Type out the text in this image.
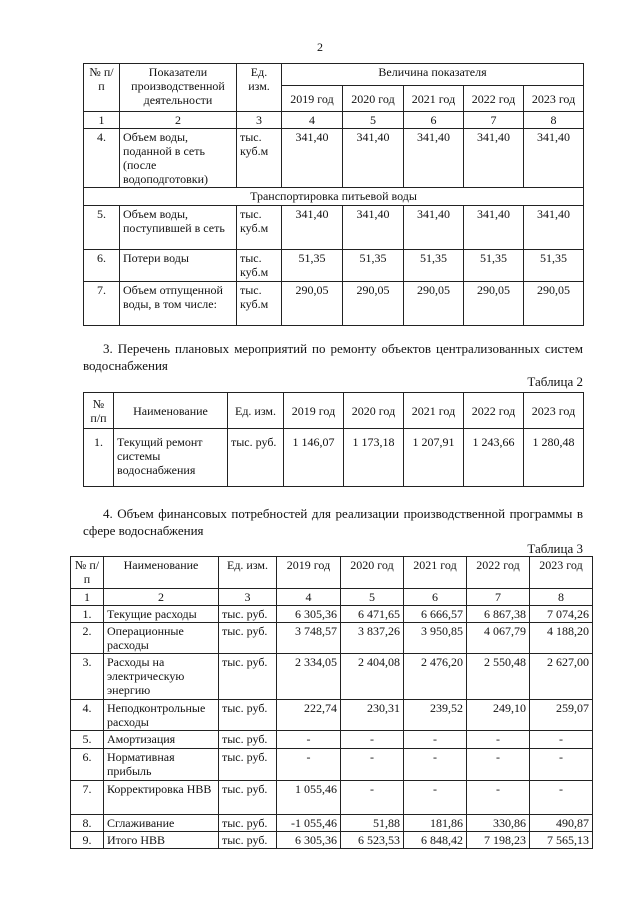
2
№ п/п	Показатели производственной деятельности	Ед. изм.	Величина показателя				
			2019 год	2020 год	2021 год	2022 год	2023 год
1	2	3	4	5	6	7	8
4.	Объем воды, поданной в сеть (после водоподготовки)	тыс. куб.м	341,40	341,40	341,40	341,40	341,40
Транспортировка питьевой воды							
5.	Объем воды, поступившей в сеть	тыс. куб.м	341,40	341,40	341,40	341,40	341,40
6.	Потери воды	тыс. куб.м	51,35	51,35	51,35	51,35	51,35
7.	Объем отпущенной воды, в том числе:	тыс. куб.м	290,05	290,05	290,05	290,05	290,05
3. Перечень плановых мероприятий по ремонту объектов централизованных систем водоснабжения
Таблица 2
№ п/п	Наименование	Ед. изм.	2019 год	2020 год	2021 год	2022 год	2023 год
1.	Текущий ремонт системы водоснабжения	тыс. руб.	1 146,07	1 173,18	1 207,91	1 243,66	1 280,48
4. Объем финансовых потребностей для реализации производственной программы в сфере водоснабжения
Таблица 3
№ п/п	Наименование	Ед. изм.	2019 год	2020 год	2021 год	2022 год	2023 год
1	2	3	4	5	6	7	8
1.	Текущие расходы	тыс. руб.	6 305,36	6 471,65	6 666,57	6 867,38	7 074,26
2.	Операционные расходы	тыс. руб.	3 748,57	3 837,26	3 950,85	4 067,79	4 188,20
3.	Расходы на электрическую энергию	тыс. руб.	2 334,05	2 404,08	2 476,20	2 550,48	2 627,00
4.	Неподконтрольные расходы	тыс. руб.	222,74	230,31	239,52	249,10	259,07
5.	Амортизация	тыс. руб.	-	-	-	-	-
6.	Нормативная прибыль	тыс. руб.	-	-	-	-	-
7.	Корректировка НВВ	тыс. руб.	1 055,46	-	-	-	-
8.	Сглаживание	тыс. руб.	-1 055,46	51,88	181,86	330,86	490,87
9.	Итого НВВ	тыс. руб.	6 305,36	6 523,53	6 848,42	7 198,23	7 565,13
